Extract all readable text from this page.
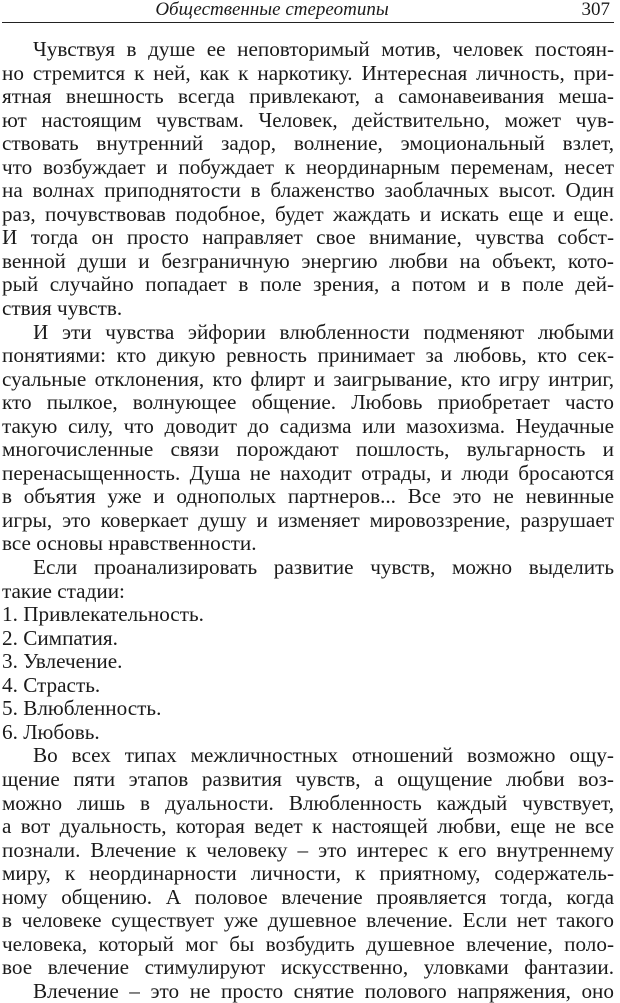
Общественные стереотипы	307
Чувствуя в душе ее неповторимый мотив, человек постоян-
но стремится к ней, как к наркотику. Интересная личность, при-
ятная внешность всегда привлекают, а самонавеивания меша-
ют настоящим чувствам. Человек, действительно, может чув-
ствовать внутренний задор, волнение, эмоциональный взлет,
что возбуждает и побуждает к неординарным переменам, несет
на волнах приподнятости в блаженство заоблачных высот. Один
раз, почувствовав подобное, будет жаждать и искать еще и еще.
И тогда он просто направляет свое внимание, чувства собст-
венной души и безграничную энергию любви на объект, кото-
рый случайно попадает в поле зрения, а потом и в поле дей-
ствия чувств.
И эти чувства эйфории влюбленности подменяют любыми
понятиями: кто дикую ревность принимает за любовь, кто сек-
суальные отклонения, кто флирт и заигрывание, кто игру интриг,
кто пылкое, волнующее общение. Любовь приобретает часто
такую силу, что доводит до садизма или мазохизма. Неудачные
многочисленные связи порождают пошлость, вульгарность и
перенасыщенность. Душа не находит отрады, и люди бросаются
в объятия уже и однополых партнеров... Все это не невинные
игры, это коверкает душу и изменяет мировоззрение, разрушает
все основы нравственности.
Если проанализировать развитие чувств, можно выделить
такие стадии:
1. Привлекательность.
2. Симпатия.
3. Увлечение.
4. Страсть.
5. Влюбленность.
6. Любовь.
Во всех типах межличностных отношений возможно ощу-
щение пяти этапов развития чувств, а ощущение любви воз-
можно лишь в дуальности. Влюбленность каждый чувствует,
а вот дуальность, которая ведет к настоящей любви, еще не все
познали. Влечение к человеку – это интерес к его внутреннему
миру, к неординарности личности, к приятному, содержатель-
ному общению. А половое влечение проявляется тогда, когда
в человеке существует уже душевное влечение. Если нет такого
человека, который мог бы возбудить душевное влечение, поло-
вое влечение стимулируют искусственно, уловками фантазии.
Влечение – это не просто снятие полового напряжения, оно
